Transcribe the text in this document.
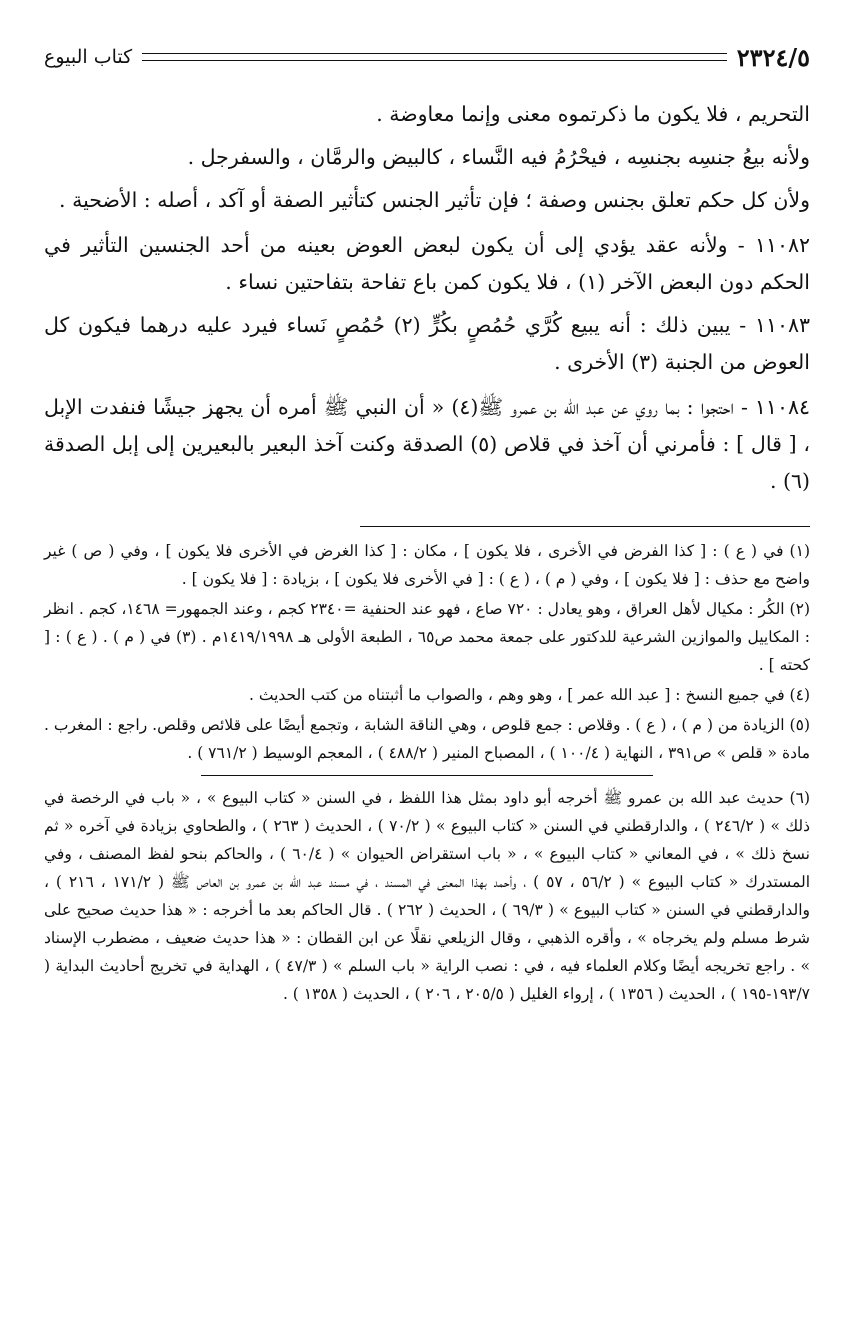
٢٣٢٤/٥
كتاب البيوع

التحريم ، فلا يكون ما ذكرتموه معنى وإنما معاوضة .

ولأنه بيعُ جنسِه بجنسِه ، فيحْرُمُ فيه النَّساء ، كالبيض والرمَّان ، والسفرجل .

ولأن كل حكم تعلق بجنس وصفة ؛ فإن تأثير الجنس كتأثير الصفة أو آكد ، أصله : الأضحية .

١١٠٨٢ - ولأنه عقد يؤدي إلى أن يكون لبعض العوض بعينه من أحد الجنسين التأثير في الحكم دون البعض الآخر (١) ، فلا يكون كمن باع تفاحة بتفاحتين نساء .

١١٠٨٣ - يبين ذلك : أنه يبيع كُرَّي حُمُصٍ بكُرٍّ (٢) حُمُصٍ نَساء فيرد عليه درهما فيكون كل العوض من الجنبة (٣) الأخرى .

١١٠٨٤ - احتجوا : بما روي عن عبد الله بن عمرو ﷺ(٤) « أن النبي ﷺ أمره أن يجهز جيشًا فنفدت الإبل ، [ قال ] : فأمرني أن آخذ في قلاص (٥) الصدقة وكنت آخذ البعير بالبعيرين إلى إبل الصدقة (٦) .

(١) في ( ع ) : [ كذا الفرض في الأخرى ، فلا يكون ] ، مكان : [ كذا الغرض في الأخرى فلا يكون ] ، وفي ( ص ) غير واضح مع حذف : [ فلا يكون ] ، وفي ( م ) ، ( ع ) : [ في الأخرى فلا يكون ] ، بزيادة : [ فلا يكون ] .

(٢) الكُر : مكيال لأهل العراق ، وهو يعادل : ٧٢٠ صاع ، فهو عند الحنفية =٢٣٤٠ كجم ، وعند الجمهور= ١٤٦٨، كجم . انظر : المكاييل والموازين الشرعية للدكتور على جمعة محمد ص٦٥ ، الطبعة الأولى هـ ١٤١٩/١٩٩٨م . (٣) في ( م ) . ( ع ) : [ كحته ] .

(٤) في جميع النسخ : [ عبد الله عمر ] ، وهو وهم ، والصواب ما أثبتناه من كتب الحديث .

(٥) الزيادة من ( م ) ، ( ع ) . وقلاص : جمع قلوص ، وهي الناقة الشابة ، وتجمع أيضًا على قلائص وقلص. راجع : المغرب . مادة « قلص » ص٣٩١ ، النهاية ( ١٠٠/٤ ) ، المصباح المنير ( ٤٨٨/٢ ) ، المعجم الوسيط ( ٧٦١/٢ ) .

(٦) حديث عبد الله بن عمرو ﷺ أخرجه أبو داود بمثل هذا اللفظ ، في السنن « كتاب البيوع » ، « باب في الرخصة في ذلك » ( ٢٤٦/٢ ) ، والدارقطني في السنن « كتاب البيوع » ( ٧٠/٢ ) ، الحديث ( ٢٦٣ ) ، والطحاوي بزيادة في آخره « ثم نسخ ذلك » ، في المعاني « كتاب البيوع » ، « باب استقراض الحيوان » ( ٦٠/٤ ) ، والحاكم بنحو لفظ المصنف ، وفي المستدرك « كتاب البيوع » ( ٥٦/٢ ، ٥٧ ) ، وأحمد بهذا المعنى في المسند ، في مسند عبد الله بن عمرو بن العاص ﷺ ( ١٧١/٢ ، ٢١٦ ) ، والدارقطني في السنن « كتاب البيوع » ( ٦٩/٣ ) ، الحديث ( ٢٦٢ ) . قال الحاكم بعد ما أخرجه : « هذا حديث صحيح على شرط مسلم ولم يخرجاه » ، وأقره الذهبي ، وقال الزيلعي نقلًا عن ابن القطان : « هذا حديث ضعيف ، مضطرب الإسناد » . راجع تخريجه أيضًا وكلام العلماء فيه ، في : نصب الراية « باب السلم » ( ٤٧/٣ ) ، الهداية في تخريج أحاديث البداية ( ١٩٣/٧-١٩٥ ) ، الحديث ( ١٣٥٦ ) ، إرواء الغليل ( ٢٠٥/٥ ، ٢٠٦ ) ، الحديث ( ١٣٥٨ ) .
